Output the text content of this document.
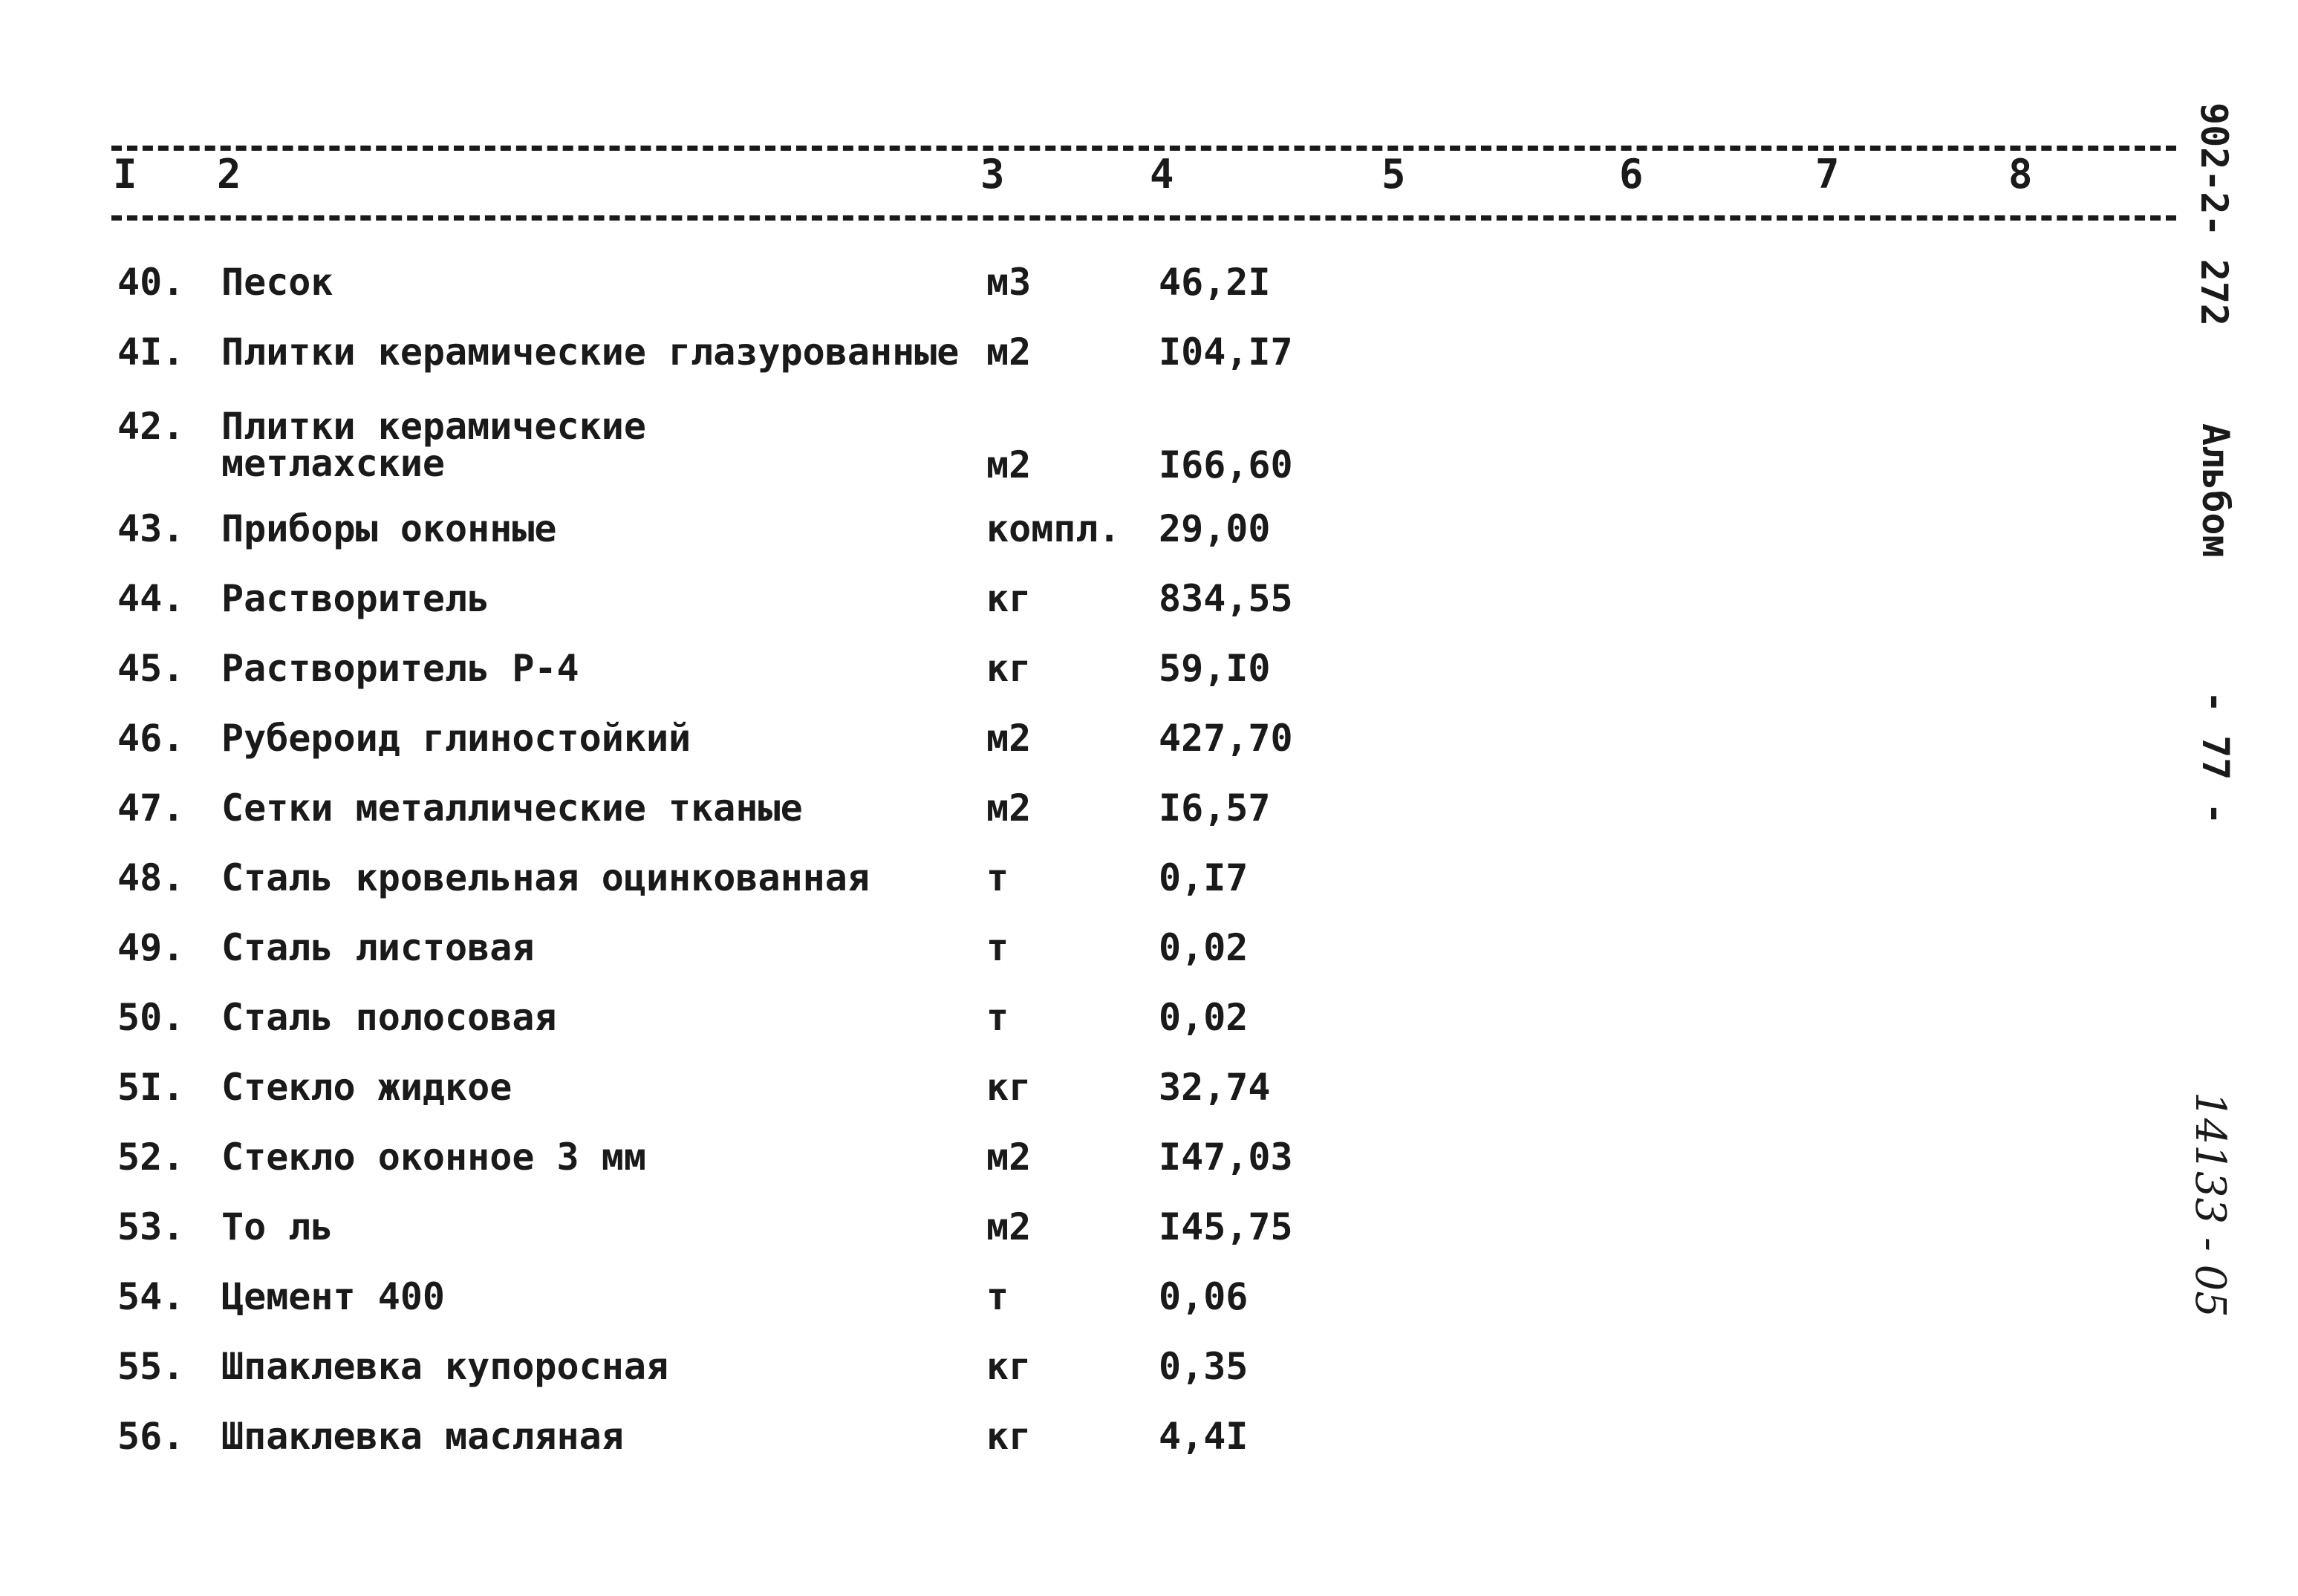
I 2	3	4	5	6	7	8
40. Песок	м3	46,2I
4I. Плитки керамические глазурованные м2	I04,I7
42. Плитки керамические
метлахские	м2	I66,60
43. Приборы оконные	компл. 29,00
44. Растворитель	кг	834,55
45. Растворитель Р-4	кг	59,I0
46. Рубероид глиностойкий	м2	427,70
47. Сетки металлические тканые	м2	I6,57
48. Сталь кровельная оцинкованная	т	0,I7
49. Сталь листовая	т	0,02
50. Сталь полосовая	т	0,02
5I. Стекло жидкое	кг	32,74
52. Стекло оконное 3 мм	м2	I47,03
53. То ль	м2	I45,75
54. Цемент 400	т	0,06
55. Шпаклевка купоросная	кг	0,35
56. Шпаклевка масляная	кг	4,4I
902-2- 272
Альбом
- 77 -
14133 - 05
